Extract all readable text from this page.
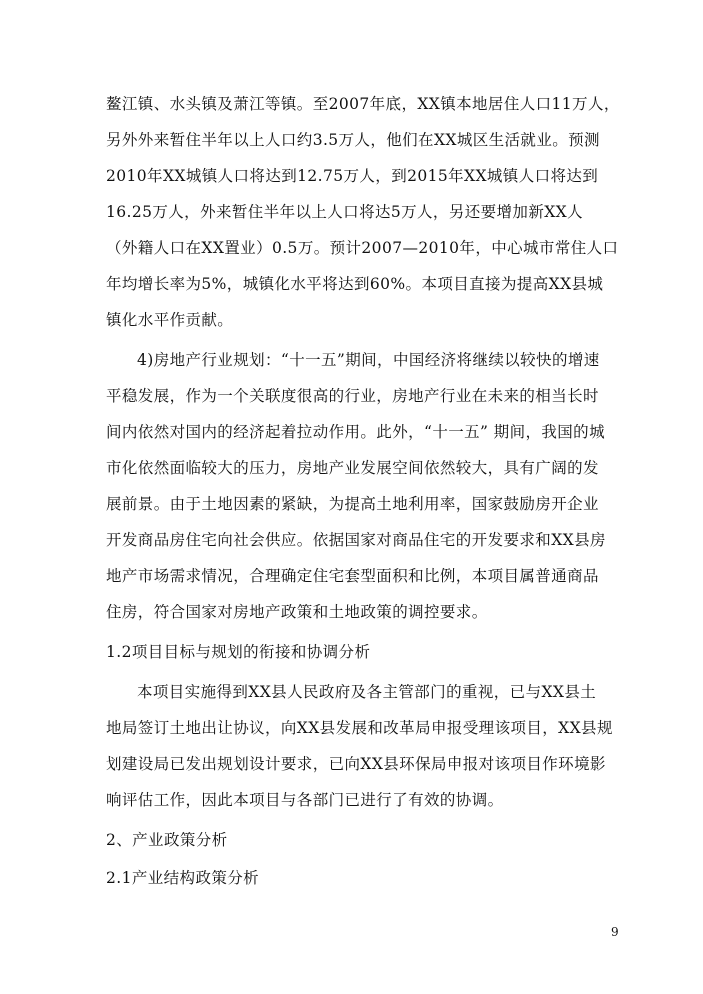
鳌江镇、水头镇及萧江等镇。至2007年底，XX镇本地居住人口11万人，
另外外来暂住半年以上人口约3.5万人，他们在XX城区生活就业。预测
2010年XX城镇人口将达到12.75万人，到2015年XX城镇人口将达到
16.25万人，外来暂住半年以上人口将达5万人，另还要增加新XX人
（外籍人口在XX置业）0.5万。预计2007—2010年，中心城市常住人口
年均增长率为5%，城镇化水平将达到60%。本项目直接为提高XX县城
镇化水平作贡献。
4)房地产行业规划：“十一五”期间，中国经济将继续以较快的增速
平稳发展，作为一个关联度很高的行业，房地产行业在未来的相当长时
间内依然对国内的经济起着拉动作用。此外，“十一五” 期间，我国的城
市化依然面临较大的压力，房地产业发展空间依然较大，具有广阔的发
展前景。由于土地因素的紧缺，为提高土地利用率，国家鼓励房开企业
开发商品房住宅向社会供应。依据国家对商品住宅的开发要求和XX县房
地产市场需求情况，合理确定住宅套型面积和比例，本项目属普通商品
住房，符合国家对房地产政策和土地政策的调控要求。
1.2项目目标与规划的衔接和协调分析
本项目实施得到XX县人民政府及各主管部门的重视，已与XX县土
地局签订土地出让协议，向XX县发展和改革局申报受理该项目，XX县规
划建设局已发出规划设计要求，已向XX县环保局申报对该项目作环境影
响评估工作，因此本项目与各部门已进行了有效的协调。
2、产业政策分析
2.1产业结构政策分析
9
